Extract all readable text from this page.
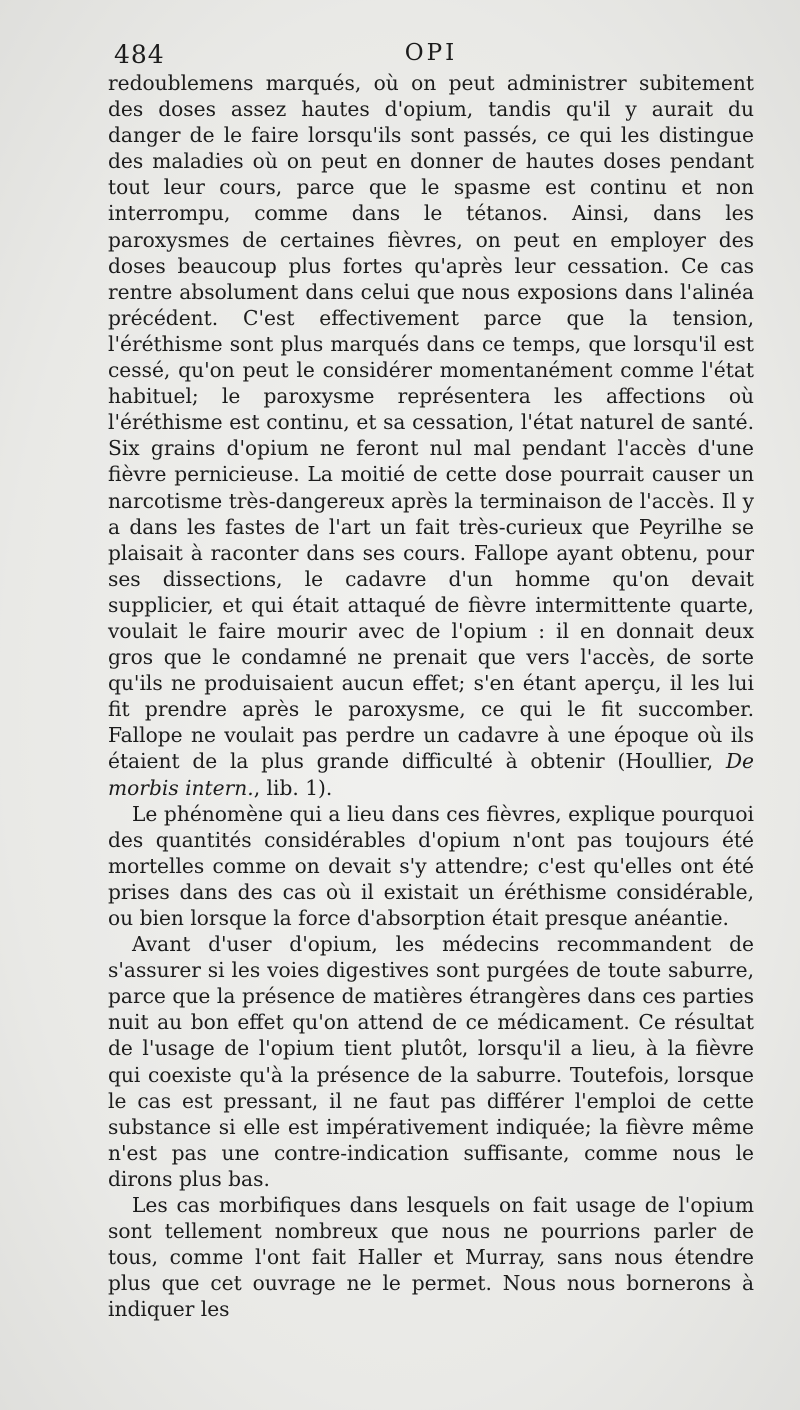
484	OPI

redoublemens marqués, où on peut administrer subitement des doses assez hautes d'opium, tandis qu'il y aurait du danger de le faire lorsqu'ils sont passés, ce qui les distingue des maladies où on peut en donner de hautes doses pendant tout leur cours, parce que le spasme est continu et non interrompu, comme dans le tétanos. Ainsi, dans les paroxysmes de certaines fièvres, on peut en employer des doses beaucoup plus fortes qu'après leur cessation. Ce cas rentre absolument dans celui que nous exposions dans l'alinéa précédent. C'est effectivement parce que la tension, l'éréthisme sont plus marqués dans ce temps, que lorsqu'il est cessé, qu'on peut le considérer momentanément comme l'état habituel; le paroxysme représentera les affections où l'éréthisme est continu, et sa cessation, l'état naturel de santé. Six grains d'opium ne feront nul mal pendant l'accès d'une fièvre pernicieuse. La moitié de cette dose pourrait causer un narcotisme très-dangereux après la terminaison de l'accès. Il y a dans les fastes de l'art un fait très-curieux que Peyrilhe se plaisait à raconter dans ses cours. Fallope ayant obtenu, pour ses dissections, le cadavre d'un homme qu'on devait supplicier, et qui était attaqué de fièvre intermittente quarte, voulait le faire mourir avec de l'opium : il en donnait deux gros que le condamné ne prenait que vers l'accès, de sorte qu'ils ne produisaient aucun effet; s'en étant aperçu, il les lui fit prendre après le paroxysme, ce qui le fit succomber. Fallope ne voulait pas perdre un cadavre à une époque où ils étaient de la plus grande difficulté à obtenir (Houllier, De morbis intern., lib. 1).

Le phénomène qui a lieu dans ces fièvres, explique pourquoi des quantités considérables d'opium n'ont pas toujours été mortelles comme on devait s'y attendre; c'est qu'elles ont été prises dans des cas où il existait un éréthisme considérable, ou bien lorsque la force d'absorption était presque anéantie.

Avant d'user d'opium, les médecins recommandent de s'assurer si les voies digestives sont purgées de toute saburre, parce que la présence de matières étrangères dans ces parties nuit au bon effet qu'on attend de ce médicament. Ce résultat de l'usage de l'opium tient plutôt, lorsqu'il a lieu, à la fièvre qui coexiste qu'à la présence de la saburre. Toutefois, lorsque le cas est pressant, il ne faut pas différer l'emploi de cette substance si elle est impérativement indiquée; la fièvre même n'est pas une contre-indication suffisante, comme nous le dirons plus bas.

Les cas morbifiques dans lesquels on fait usage de l'opium sont tellement nombreux que nous ne pourrions parler de tous, comme l'ont fait Haller et Murray, sans nous étendre plus que cet ouvrage ne le permet. Nous nous bornerons à indiquer les
